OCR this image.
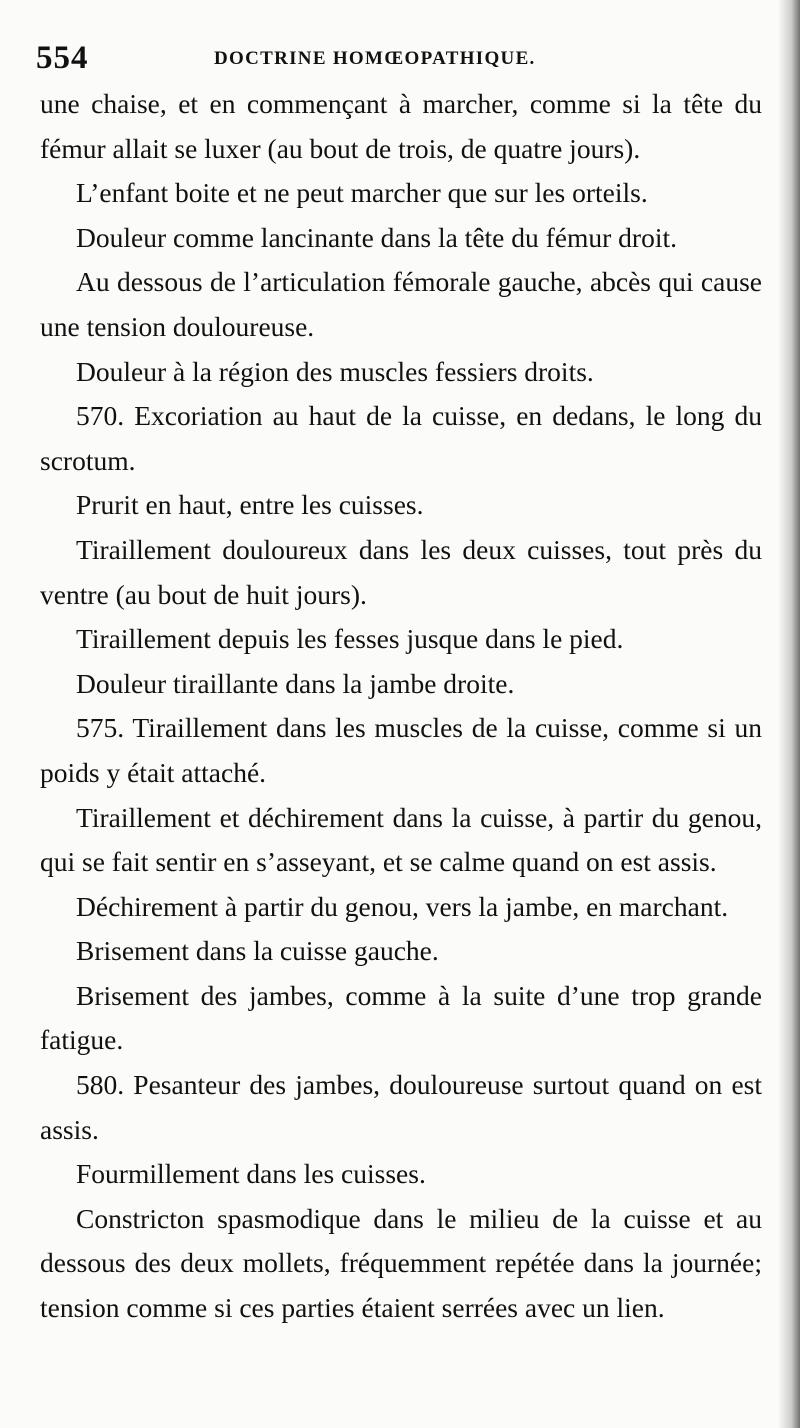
554	DOCTRINE HOMŒOPATHIQUE.

une chaise, et en commençant à marcher, comme si la tête du fémur allait se luxer (au bout de trois, de quatre jours).

L’enfant boite et ne peut marcher que sur les orteils.

Douleur comme lancinante dans la tête du fémur droit.

Au dessous de l’articulation fémorale gauche, abcès qui cause une tension douloureuse.

Douleur à la région des muscles fessiers droits.

570. Excoriation au haut de la cuisse, en dedans, le long du scrotum.

Prurit en haut, entre les cuisses.

Tiraillement douloureux dans les deux cuisses, tout près du ventre (au bout de huit jours).

Tiraillement depuis les fesses jusque dans le pied.

Douleur tiraillante dans la jambe droite.

575. Tiraillement dans les muscles de la cuisse, comme si un poids y était attaché.

Tiraillement et déchirement dans la cuisse, à partir du genou, qui se fait sentir en s’asseyant, et se calme quand on est assis.

Déchirement à partir du genou, vers la jambe, en marchant.

Brisement dans la cuisse gauche.

Brisement des jambes, comme à la suite d’une trop grande fatigue.

580. Pesanteur des jambes, douloureuse surtout quand on est assis.

Fourmillement dans les cuisses.

Constricton spasmodique dans le milieu de la cuisse et au dessous des deux mollets, fréquemment repétée dans la journée; tension comme si ces parties étaient serrées avec un lien.
